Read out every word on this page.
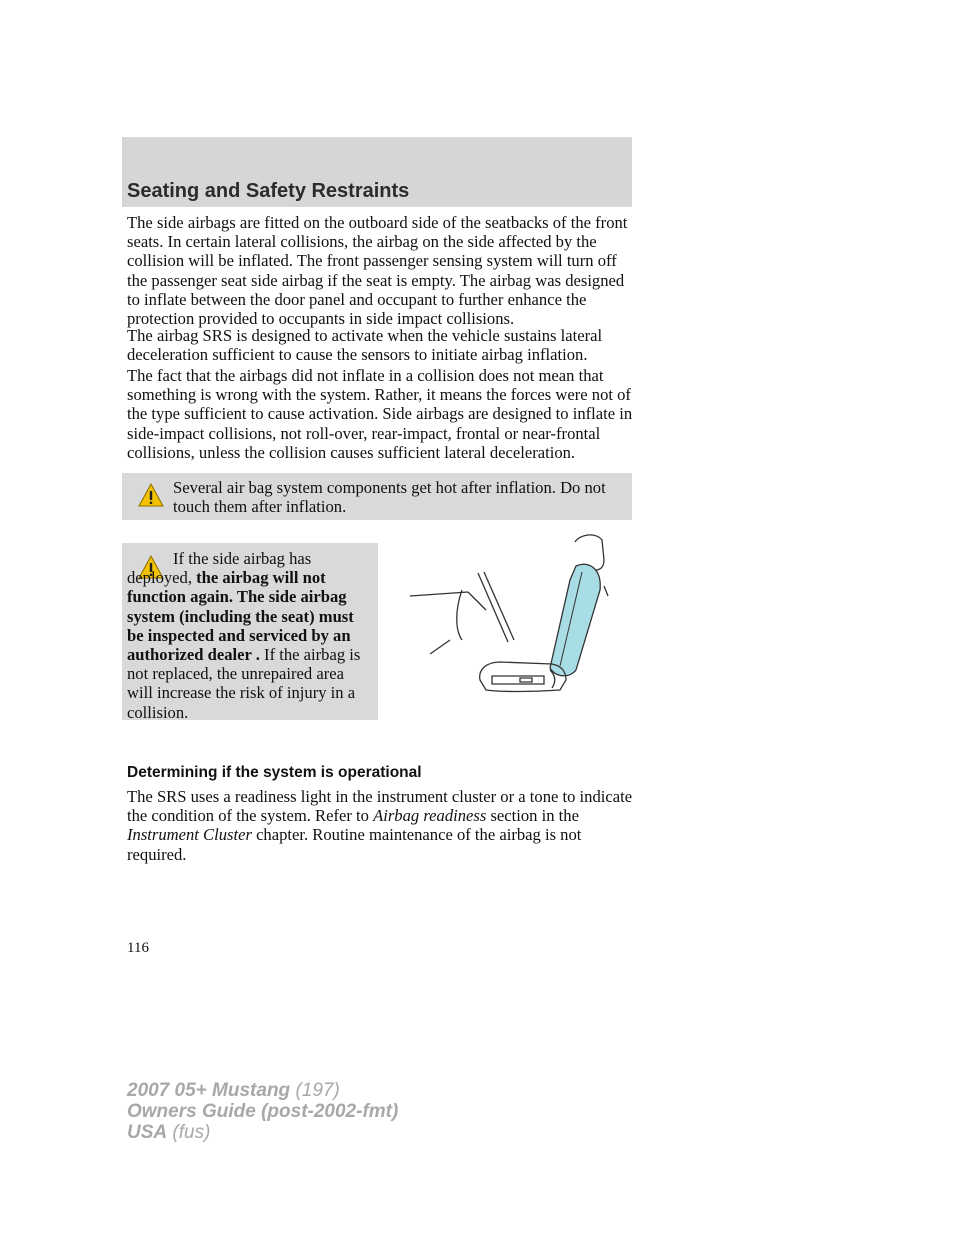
Seating and Safety Restraints

The side airbags are fitted on the outboard side of the seatbacks of the front seats. In certain lateral collisions, the airbag on the side affected by the collision will be inflated. The front passenger sensing system will turn off the passenger seat side airbag if the seat is empty. The airbag was designed to inflate between the door panel and occupant to further enhance the protection provided to occupants in side impact collisions.

The airbag SRS is designed to activate when the vehicle sustains lateral deceleration sufficient to cause the sensors to initiate airbag inflation.

The fact that the airbags did not inflate in a collision does not mean that something is wrong with the system. Rather, it means the forces were not of the type sufficient to cause activation. Side airbags are designed to inflate in side-impact collisions, not roll-over, rear-impact, frontal or near-frontal collisions, unless the collision causes sufficient lateral deceleration.

Several air bag system components get hot after inflation. Do not touch them after inflation.

If the side airbag has deployed, the airbag will not function again. The side airbag system (including the seat) must be inspected and serviced by an authorized dealer . If the airbag is not replaced, the unrepaired area will increase the risk of injury in a collision.

Determining if the system is operational

The SRS uses a readiness light in the instrument cluster or a tone to indicate the condition of the system. Refer to Airbag readiness section in the Instrument Cluster chapter. Routine maintenance of the airbag is not required.

116
2007 05+ Mustang (197)
Owners Guide (post-2002-fmt)
USA (fus)
